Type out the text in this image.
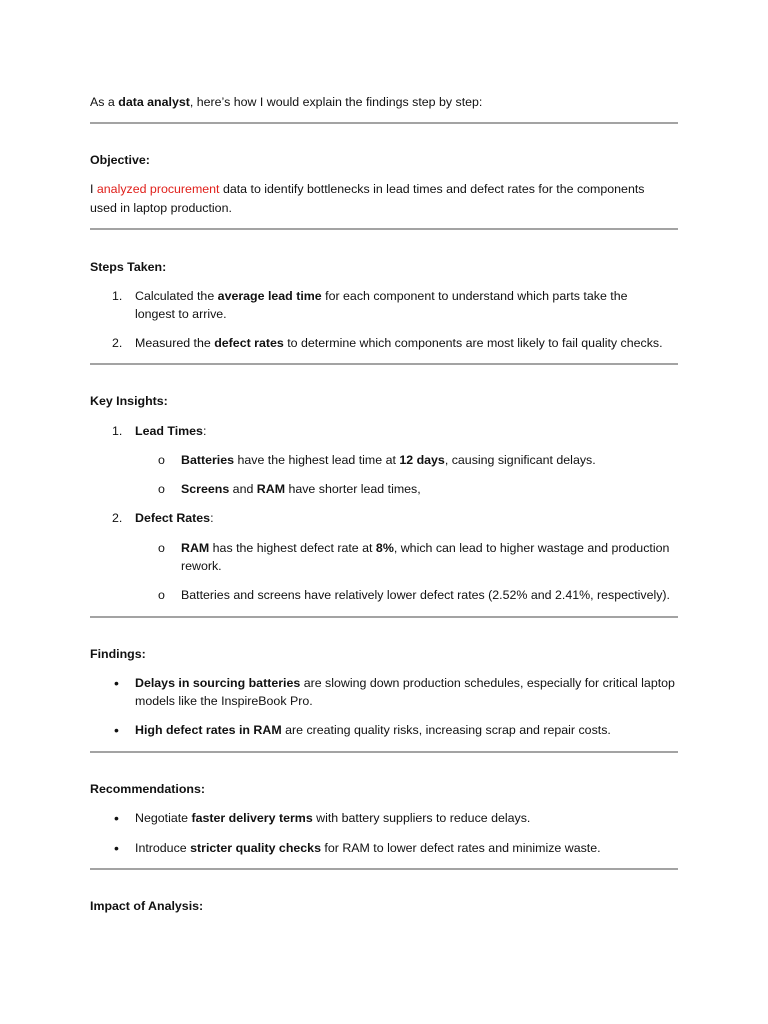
As a data analyst, here’s how I would explain the findings step by step:
Objective:
I analyzed procurement data to identify bottlenecks in lead times and defect rates for the components
used in laptop production.
Steps Taken:
1. Calculated the average lead time for each component to understand which parts take the
longest to arrive.
2. Measured the defect rates to determine which components are most likely to fail quality checks.
Key Insights:
1. Lead Times:
o Batteries have the highest lead time at 12 days, causing significant delays.
o Screens and RAM have shorter lead times,
2. Defect Rates:
o RAM has the highest defect rate at 8%, which can lead to higher wastage and production
rework.
o Batteries and screens have relatively lower defect rates (2.52% and 2.41%, respectively).
Findings:
• Delays in sourcing batteries are slowing down production schedules, especially for critical laptop
models like the InspireBook Pro.
• High defect rates in RAM are creating quality risks, increasing scrap and repair costs.
Recommendations:
• Negotiate faster delivery terms with battery suppliers to reduce delays.
• Introduce stricter quality checks for RAM to lower defect rates and minimize waste.
Impact of Analysis:
